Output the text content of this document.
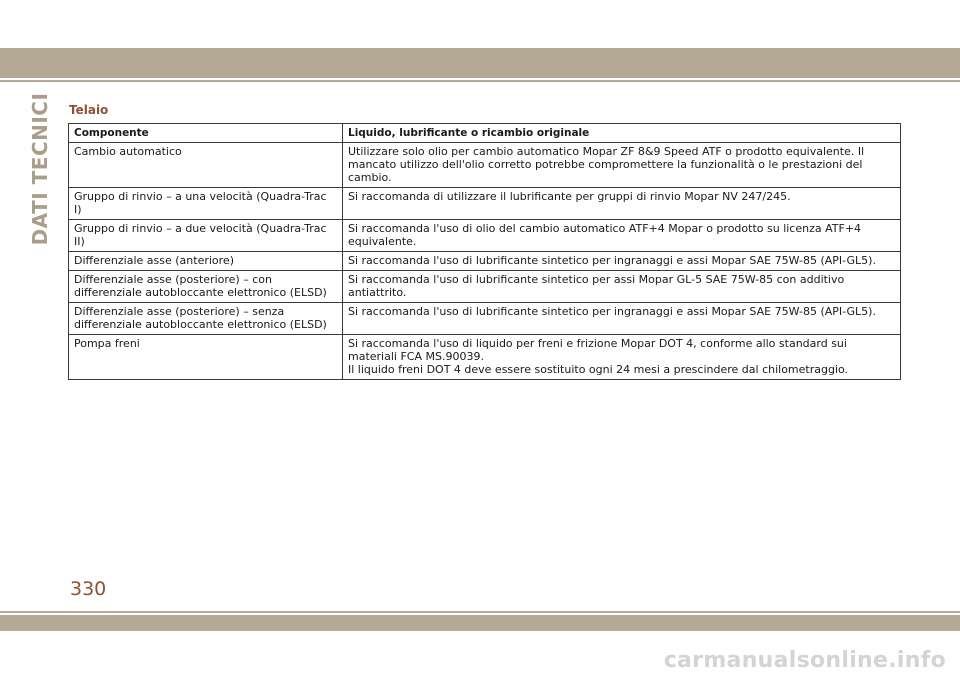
DATI TECNICI Telaio
Componente	Liquido, lubrificante o ricambio originale
Cambio automatico	Utilizzare solo olio per cambio automatico Mopar ZF 8&9 Speed ATF o prodotto equivalente. Il mancato utilizzo dell'olio corretto potrebbe compromettere la funzionalità o le prestazioni del cambio.

Gruppo di rinvio – a una velocità (Quadra-Trac I)	Si raccomanda di utilizzare il lubrificante per gruppi di rinvio Mopar NV 247/245.

Gruppo di rinvio – a due velocità (Quadra-Trac II)	Si raccomanda l'uso di olio del cambio automatico ATF+4 Mopar o prodotto su licenza ATF+4 equivalente.

Differenziale asse (anteriore)	Si raccomanda l'uso di lubrificante sintetico per ingranaggi e assi Mopar SAE 75W-85 (API-GL5).

Differenziale asse (posteriore) – con differenziale autobloccante elettronico (ELSD)	Si raccomanda l'uso di lubrificante sintetico per assi Mopar GL-5 SAE 75W-85 con additivo antiattrito.

Differenziale asse (posteriore) – senza differenziale autobloccante elettronico (ELSD)	Si raccomanda l'uso di lubrificante sintetico per ingranaggi e assi Mopar SAE 75W-85 (API-GL5).

Pompa freni	Si raccomanda l'uso di liquido per freni e frizione Mopar DOT 4, conforme allo standard sui materiali FCA MS.90039.
Il liquido freni DOT 4 deve essere sostituito ogni 24 mesi a prescindere dal chilometraggio.
330
carmanualsonline.info
